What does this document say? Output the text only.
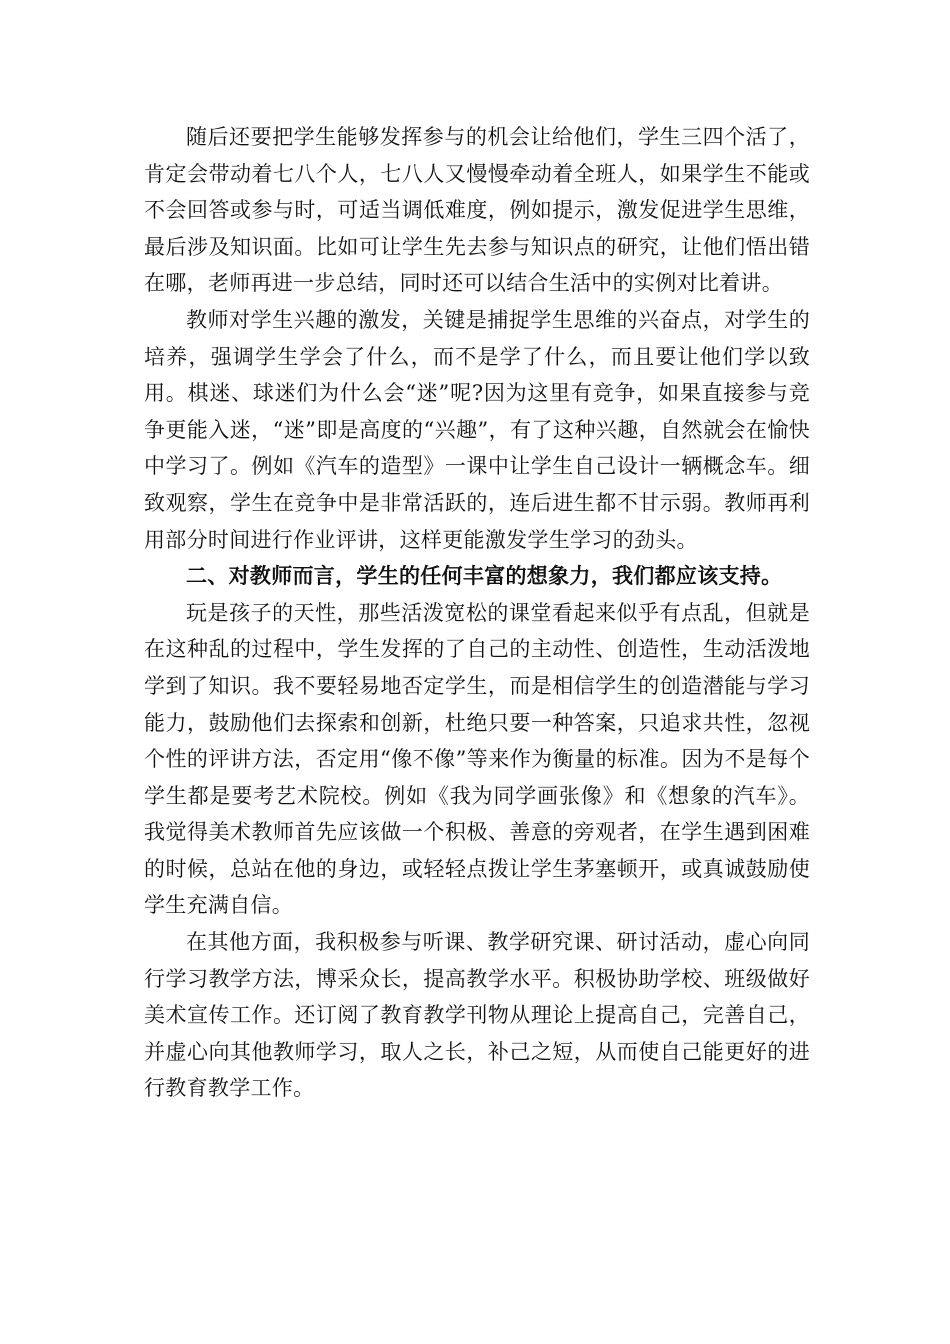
随后还要把学生能够发挥参与的机会让给他们，学生三四个活了，肯定会带动着七八个人，七八人又慢慢牵动着全班人，如果学生不能或不会回答或参与时，可适当调低难度，例如提示，激发促进学生思维，最后涉及知识面。比如可让学生先去参与知识点的研究，让他们悟出错在哪，老师再进一步总结，同时还可以结合生活中的实例对比着讲。

教师对学生兴趣的激发，关键是捕捉学生思维的兴奋点，对学生的培养，强调学生学会了什么，而不是学了什么，而且要让他们学以致用。棋迷、球迷们为什么会“迷”呢?因为这里有竞争，如果直接参与竞争更能入迷，“迷”即是高度的“兴趣”，有了这种兴趣，自然就会在愉快中学习了。例如《汽车的造型》一课中让学生自己设计一辆概念车。细致观察，学生在竞争中是非常活跃的，连后进生都不甘示弱。教师再利用部分时间进行作业评讲，这样更能激发学生学习的劲头。

二、对教师而言，学生的任何丰富的想象力，我们都应该支持。

玩是孩子的天性，那些活泼宽松的课堂看起来似乎有点乱，但就是在这种乱的过程中，学生发挥的了自己的主动性、创造性，生动活泼地学到了知识。我不要轻易地否定学生，而是相信学生的创造潜能与学习能力，鼓励他们去探索和创新，杜绝只要一种答案，只追求共性，忽视个性的评讲方法，否定用“像不像”等来作为衡量的标准。因为不是每个学生都是要考艺术院校。例如《我为同学画张像》和《想象的汽车》。我觉得美术教师首先应该做一个积极、善意的旁观者，在学生遇到困难的时候，总站在他的身边，或轻轻点拨让学生茅塞顿开，或真诚鼓励使学生充满自信。

在其他方面，我积极参与听课、教学研究课、研讨活动，虚心向同行学习教学方法，博采众长，提高教学水平。积极协助学校、班级做好美术宣传工作。还订阅了教育教学刊物从理论上提高自己，完善自己，并虚心向其他教师学习，取人之长，补己之短，从而使自己能更好的进行教育教学工作。
